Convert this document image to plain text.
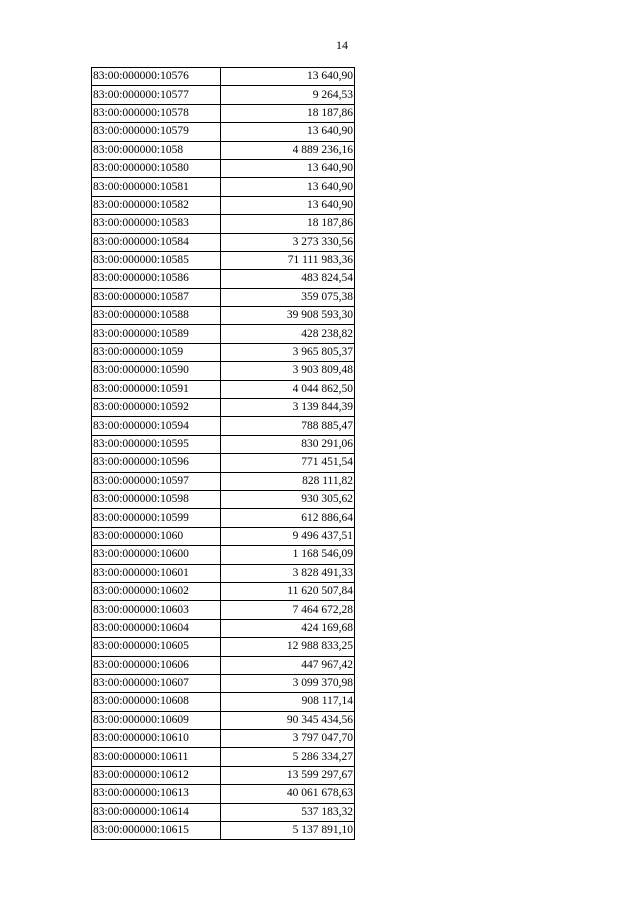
14
83:00:000000:10576	13 640,90
83:00:000000:10577	9 264,53
83:00:000000:10578	18 187,86
83:00:000000:10579	13 640,90
83:00:000000:1058	4 889 236,16
83:00:000000:10580	13 640,90
83:00:000000:10581	13 640,90
83:00:000000:10582	13 640,90
83:00:000000:10583	18 187,86
83:00:000000:10584	3 273 330,56
83:00:000000:10585	71 111 983,36
83:00:000000:10586	483 824,54
83:00:000000:10587	359 075,38
83:00:000000:10588	39 908 593,30
83:00:000000:10589	428 238,82
83:00:000000:1059	3 965 805,37
83:00:000000:10590	3 903 809,48
83:00:000000:10591	4 044 862,50
83:00:000000:10592	3 139 844,39
83:00:000000:10594	788 885,47
83:00:000000:10595	830 291,06
83:00:000000:10596	771 451,54
83:00:000000:10597	828 111,82
83:00:000000:10598	930 305,62
83:00:000000:10599	612 886,64
83:00:000000:1060	9 496 437,51
83:00:000000:10600	1 168 546,09
83:00:000000:10601	3 828 491,33
83:00:000000:10602	11 620 507,84
83:00:000000:10603	7 464 672,28
83:00:000000:10604	424 169,68
83:00:000000:10605	12 988 833,25
83:00:000000:10606	447 967,42
83:00:000000:10607	3 099 370,98
83:00:000000:10608	908 117,14
83:00:000000:10609	90 345 434,56
83:00:000000:10610	3 797 047,70
83:00:000000:10611	5 286 334,27
83:00:000000:10612	13 599 297,67
83:00:000000:10613	40 061 678,63
83:00:000000:10614	537 183,32
83:00:000000:10615	5 137 891,10
